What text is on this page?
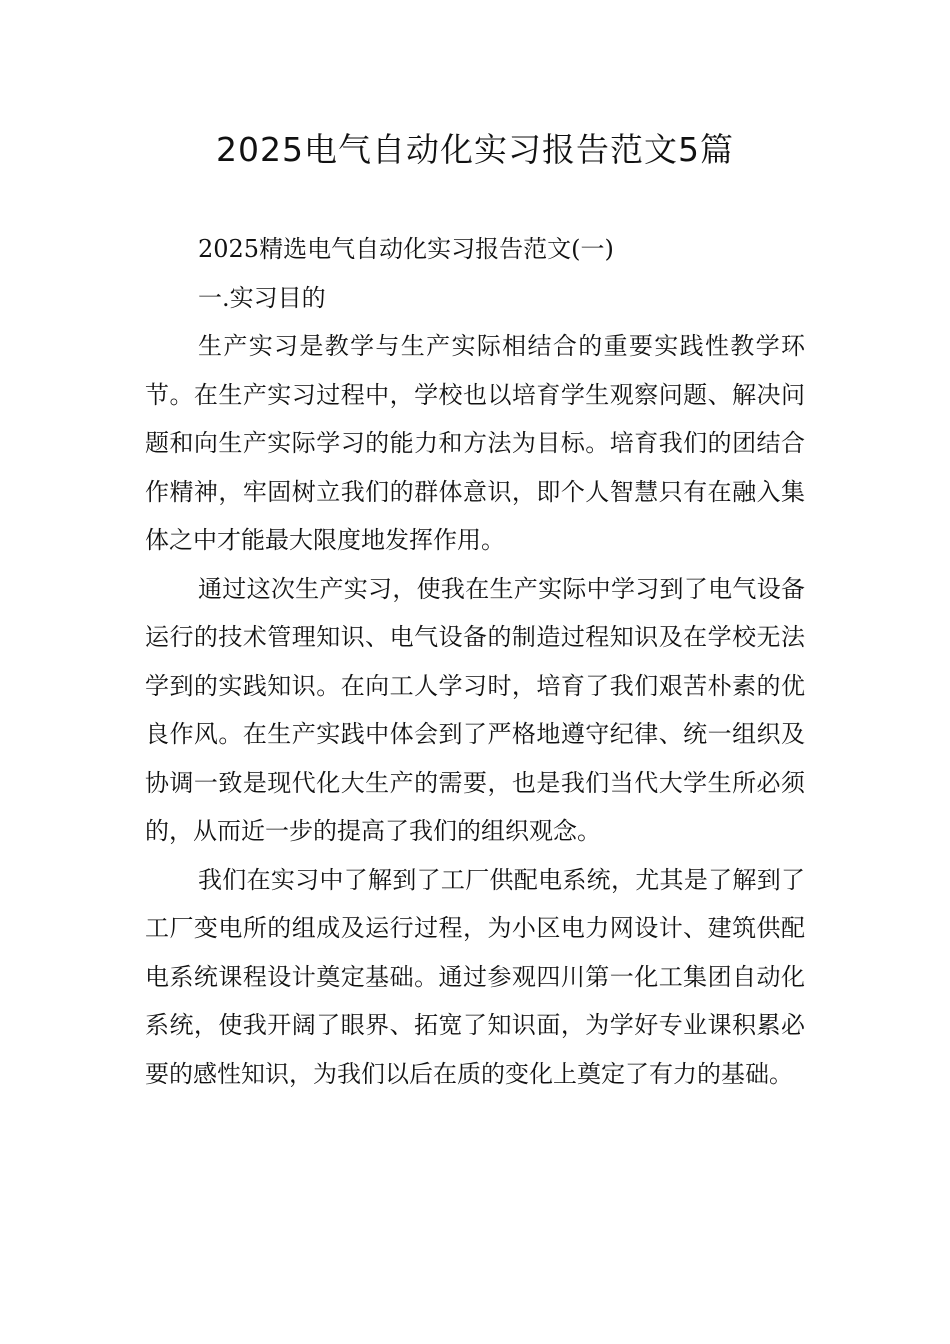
2025电气自动化实习报告范文5篇

2025精选电气自动化实习报告范文(一)

一.实习目的

生产实习是教学与生产实际相结合的重要实践性教学环节。在生产实习过程中，学校也以培育学生观察问题、解决问题和向生产实际学习的能力和方法为目标。培育我们的团结合作精神，牢固树立我们的群体意识，即个人智慧只有在融入集体之中才能最大限度地发挥作用。

通过这次生产实习，使我在生产实际中学习到了电气设备运行的技术管理知识、电气设备的制造过程知识及在学校无法学到的实践知识。在向工人学习时，培育了我们艰苦朴素的优良作风。在生产实践中体会到了严格地遵守纪律、统一组织及协调一致是现代化大生产的需要，也是我们当代大学生所必须的，从而近一步的提高了我们的组织观念。

我们在实习中了解到了工厂供配电系统，尤其是了解到了工厂变电所的组成及运行过程，为小区电力网设计、建筑供配电系统课程设计奠定基础。通过参观四川第一化工集团自动化系统，使我开阔了眼界、拓宽了知识面，为学好专业课积累必要的感性知识，为我们以后在质的变化上奠定了有力的基础。
